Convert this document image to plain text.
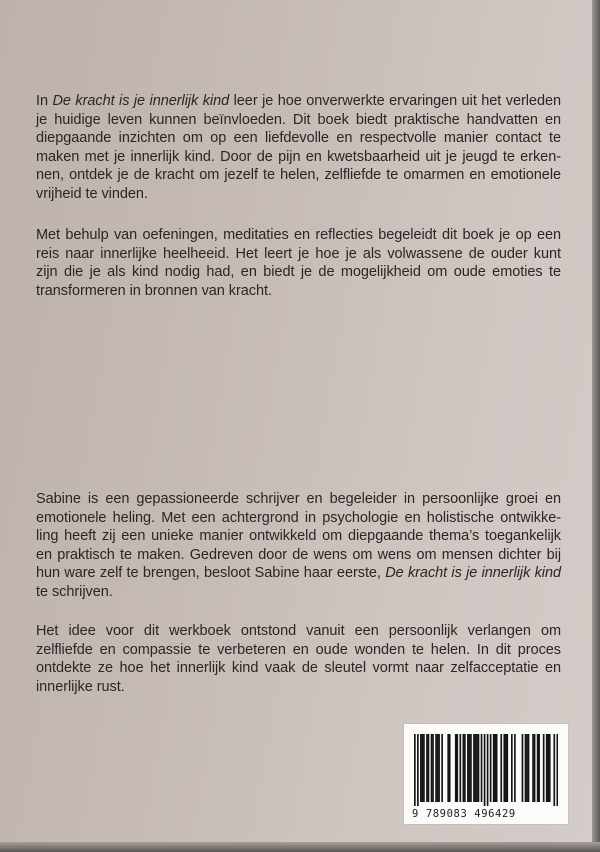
In De kracht is je innerlijk kind leer je hoe onverwerkte ervaringen uit het verleden
je huidige leven kunnen beïnvloeden. Dit boek biedt praktische handvatten en
diepgaande inzichten om op een liefdevolle en respectvolle manier contact te
maken met je innerlijk kind. Door de pijn en kwetsbaarheid uit je jeugd te erken-
nen, ontdek je de kracht om jezelf te helen, zelfliefde te omarmen en emotionele
vrijheid te vinden.

Met behulp van oefeningen, meditaties en reflecties begeleidt dit boek je op een
reis naar innerlijke heelheeid. Het leert je hoe je als volwassene de ouder kunt
zijn die je als kind nodig had, en biedt je de mogelijkheid om oude emoties te
transformeren in bronnen van kracht.

Sabine is een gepassioneerde schrijver en begeleider in persoonlijke groei en
emotionele heling. Met een achtergrond in psychologie en holistische ontwikke-
ling heeft zij een unieke manier ontwikkeld om diepgaande thema’s toegankelijk
en praktisch te maken. Gedreven door de wens om wens om mensen dichter bij
hun ware zelf te brengen, besloot Sabine haar eerste, De kracht is je innerlijk kind
te schrijven.

Het idee voor dit werkboek ontstond vanuit een persoonlijk verlangen om
zelfliefde en compassie te verbeteren en oude wonden te helen. In dit proces
ontdekte ze hoe het innerlijk kind vaak de sleutel vormt naar zelfacceptatie en
innerlijke rust.

9 789083 496429
